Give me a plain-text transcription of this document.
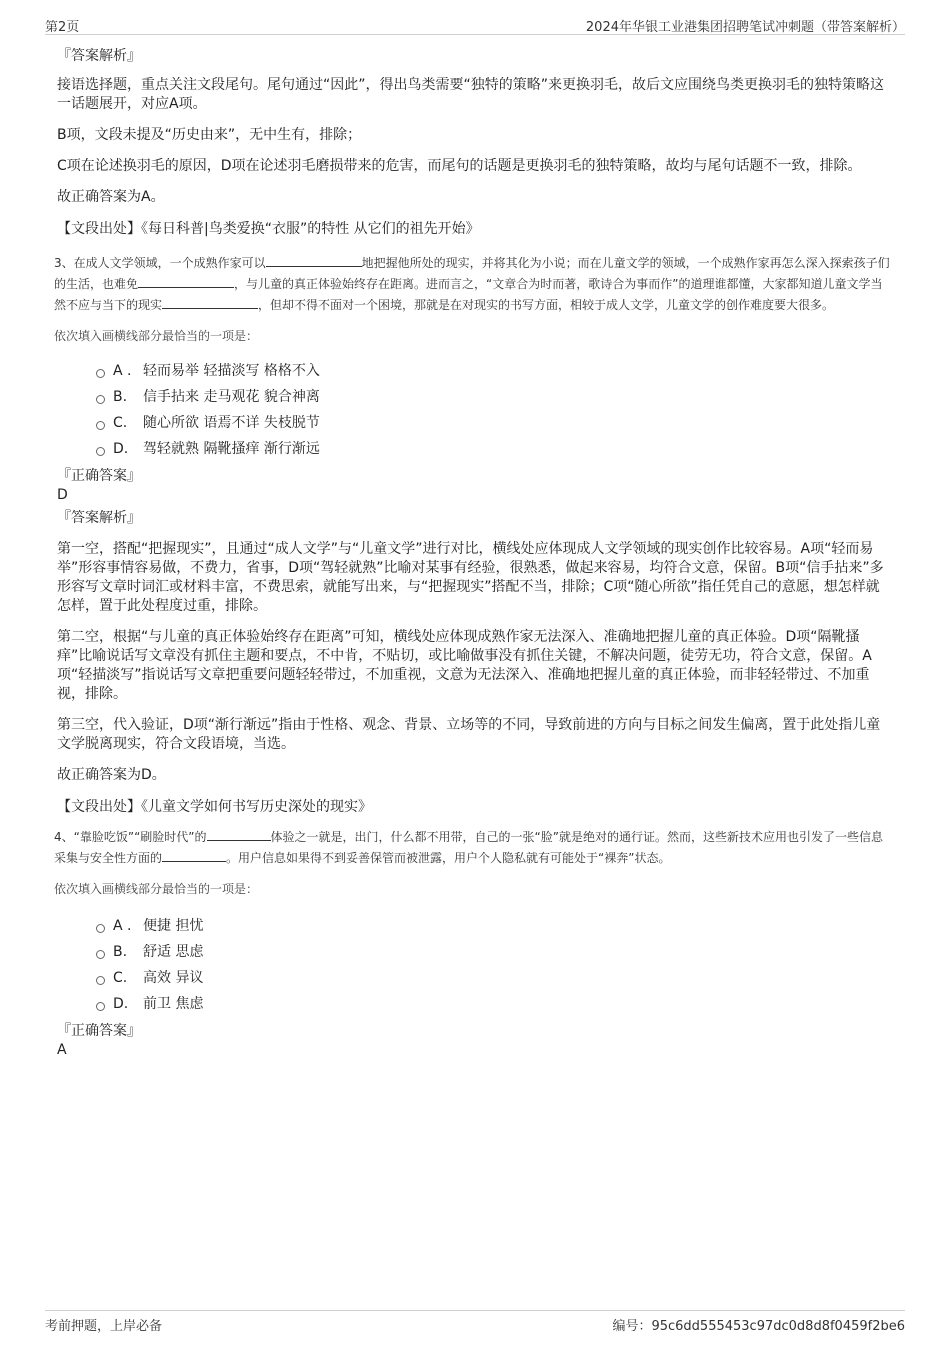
第2页	2024年华银工业港集团招聘笔试冲刺题（带答案解析）
『答案解析』

接语选择题，重点关注文段尾句。尾句通过“因此”，得出鸟类需要“独特的策略”来更换羽毛，故后文应围绕鸟类更换羽毛的独特策略这一话题展开，对应A项。

B项，文段未提及“历史由来”，无中生有，排除；

C项在论述换羽毛的原因，D项在论述羽毛磨损带来的危害，而尾句的话题是更换羽毛的独特策略，故均与尾句话题不一致，排除。

故正确答案为A。

【文段出处】《每日科普|鸟类爱换“衣服”的特性 从它们的祖先开始》

3、在成人文学领域，一个成熟作家可以	地把握他所处的现实，并将其化为小说；而在儿童文学的领域，一个成熟作家再怎么深入探索孩子们的生活，也难免	，与儿童的真正体验始终存在距离。进而言之，“文章合为时而著，歌诗合为事而作”的道理谁都懂，大家都知道儿童文学当然不应与当下的现实	，但却不得不面对一个困境，那就是在对现实的书写方面，相较于成人文学，儿童文学的创作难度要大很多。

依次填入画横线部分最恰当的一项是：
A . 轻而易举 轻描淡写 格格不入
B. 信手拈来 走马观花 貌合神离
C. 随心所欲 语焉不详 失枝脱节
D. 驾轻就熟 隔靴搔痒 渐行渐远
『正确答案』
D
『答案解析』

第一空，搭配“把握现实”，且通过“成人文学”与“儿童文学”进行对比，横线处应体现成人文学领域的现实创作比较容易。A项“轻而易举”形容事情容易做，不费力，省事，D项“驾轻就熟”比喻对某事有经验，很熟悉，做起来容易，均符合文意，保留。B项“信手拈来”多形容写文章时词汇或材料丰富，不费思索，就能写出来，与“把握现实”搭配不当，排除；C项“随心所欲”指任凭自己的意愿，想怎样就怎样，置于此处程度过重，排除。

第二空，根据“与儿童的真正体验始终存在距离”可知，横线处应体现成熟作家无法深入、准确地把握儿童的真正体验。D项“隔靴搔痒”比喻说话写文章没有抓住主题和要点，不中肯，不贴切，或比喻做事没有抓住关键，不解决问题，徒劳无功，符合文意，保留。A项“轻描淡写”指说话写文章把重要问题轻轻带过，不加重视，文意为无法深入、准确地把握儿童的真正体验，而非轻轻带过、不加重视，排除。

第三空，代入验证，D项“渐行渐远”指由于性格、观念、背景、立场等的不同，导致前进的方向与目标之间发生偏离，置于此处指儿童文学脱离现实，符合文段语境，当选。

故正确答案为D。

【文段出处】《儿童文学如何书写历史深处的现实》

4、“靠脸吃饭”“刷脸时代”的	体验之一就是，出门，什么都不用带，自己的一张“脸”就是绝对的通行证。然而，这些新技术应用也引发了一些信息采集与安全性方面的	。用户信息如果得不到妥善保管而被泄露，用户个人隐私就有可能处于“裸奔”状态。

依次填入画横线部分最恰当的一项是：
A . 便捷 担忧
B. 舒适 思虑
C. 高效 异议
D. 前卫 焦虑
『正确答案』
A
考前押题，上岸必备	编号：95c6dd555453c97dc0d8d8f0459f2be6
